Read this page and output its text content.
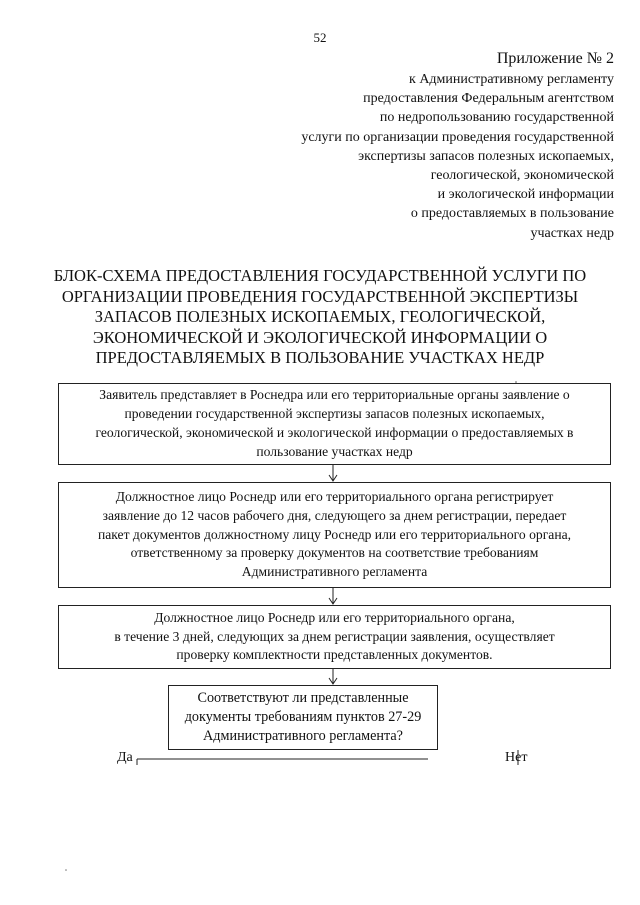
52
Приложение № 2
к Административному регламенту
предоставления Федеральным агентством
по недропользованию государственной
услуги по организации проведения государственной
экспертизы запасов полезных ископаемых,
геологической, экономической
и экологической информации
о предоставляемых в пользование
участках недр
БЛОК-СХЕМА ПРЕДОСТАВЛЕНИЯ ГОСУДАРСТВЕННОЙ УСЛУГИ ПО
ОРГАНИЗАЦИИ ПРОВЕДЕНИЯ ГОСУДАРСТВЕННОЙ ЭКСПЕРТИЗЫ
ЗАПАСОВ ПОЛЕЗНЫХ ИСКОПАЕМЫХ, ГЕОЛОГИЧЕСКОЙ,
ЭКОНОМИЧЕСКОЙ И ЭКОЛОГИЧЕСКОЙ ИНФОРМАЦИИ О
ПРЕДОСТАВЛЯЕМЫХ В ПОЛЬЗОВАНИЕ УЧАСТКАХ НЕДР
Заявитель представляет в Роснедра или его территориальные органы заявление о
проведении государственной экспертизы запасов полезных ископаемых,
геологической, экономической и экологической информации о предоставляемых в
пользование участках недр
Должностное лицо Роснедр или его территориального органа регистрирует
заявление до 12 часов рабочего дня, следующего за днем регистрации, передает
пакет документов должностному лицу Роснедр или его территориального органа,
ответственному за проверку документов на соответствие требованиям
Административного регламента
Должностное лицо Роснедр или его территориального органа,
в течение 3 дней, следующих за днем регистрации заявления, осуществляет
проверку комплектности представленных документов.
Соответствуют ли представленные
документы требованиям пунктов 27-29
Административного регламента?
Да	Нет
